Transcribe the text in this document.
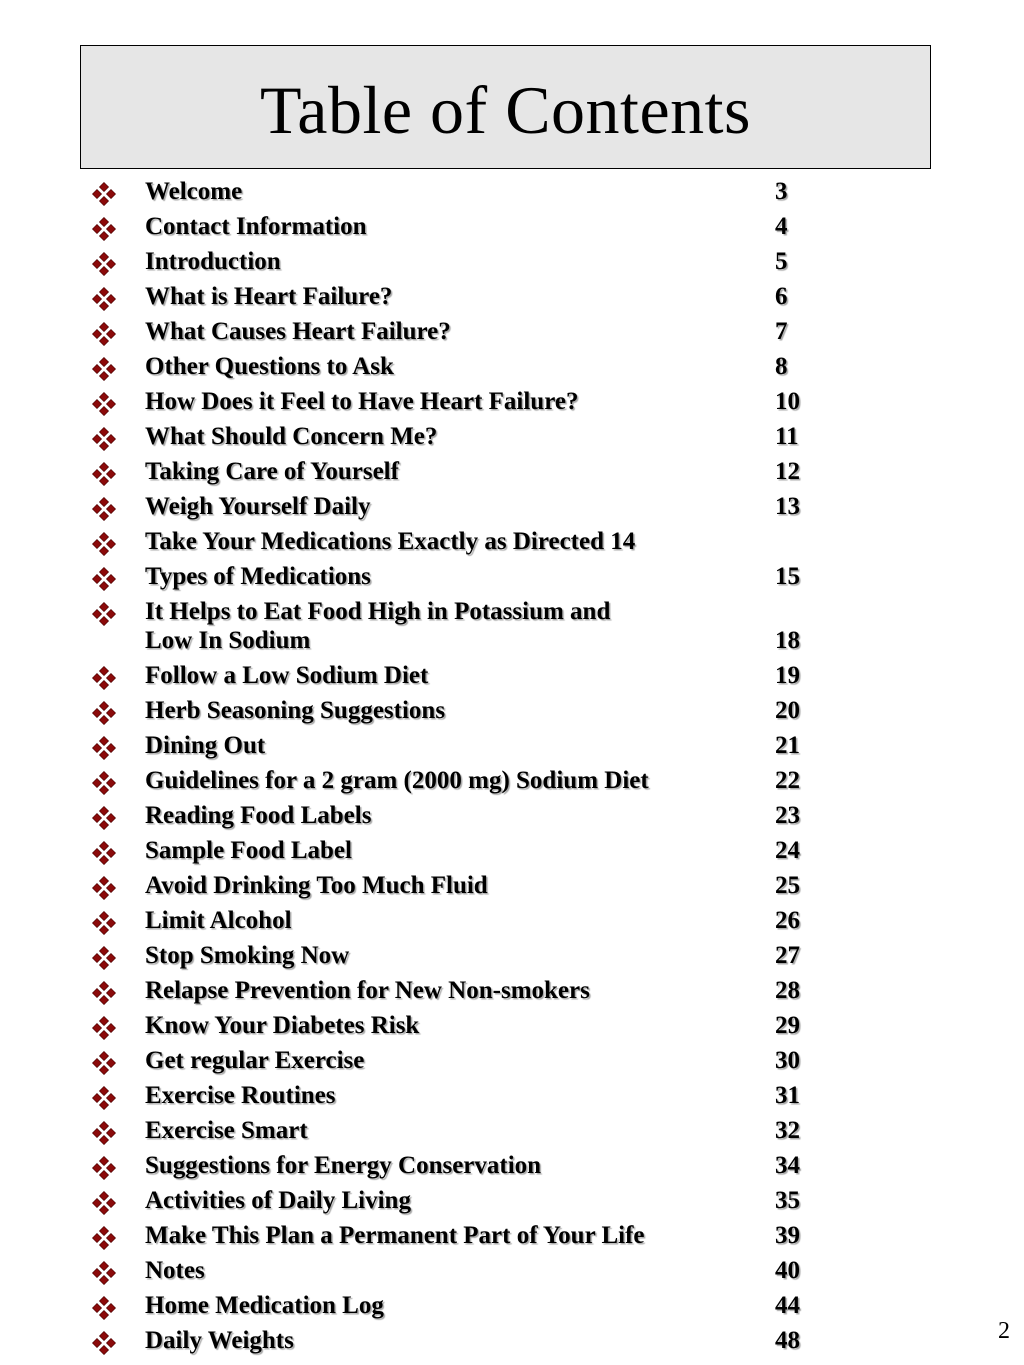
Table of Contents
Welcome	3
Contact Information	4
Introduction	5
What is Heart Failure?	6
What Causes Heart Failure?	7
Other Questions to Ask	8
How Does it Feel to Have Heart Failure?	10
What Should Concern Me?	11
Taking Care of Yourself	12
Weigh Yourself Daily	13
Take Your Medications Exactly as Directed 14
Types of Medications	15
It Helps to Eat Food High in Potassium and
Low In Sodium	18
Follow a Low Sodium Diet	19
Herb Seasoning Suggestions	20
Dining Out	21
Guidelines for a 2 gram (2000 mg) Sodium Diet	22
Reading Food Labels	23
Sample Food Label	24
Avoid Drinking Too Much Fluid	25
Limit Alcohol	26
Stop Smoking Now	27
Relapse Prevention for New Non-smokers	28
Know Your Diabetes Risk	29
Get regular Exercise	30
Exercise Routines	31
Exercise Smart	32
Suggestions for Energy Conservation	34
Activities of Daily Living	35
Make This Plan a Permanent Part of Your Life	39
Notes	40
Home Medication Log	44
Daily Weights	48	2
